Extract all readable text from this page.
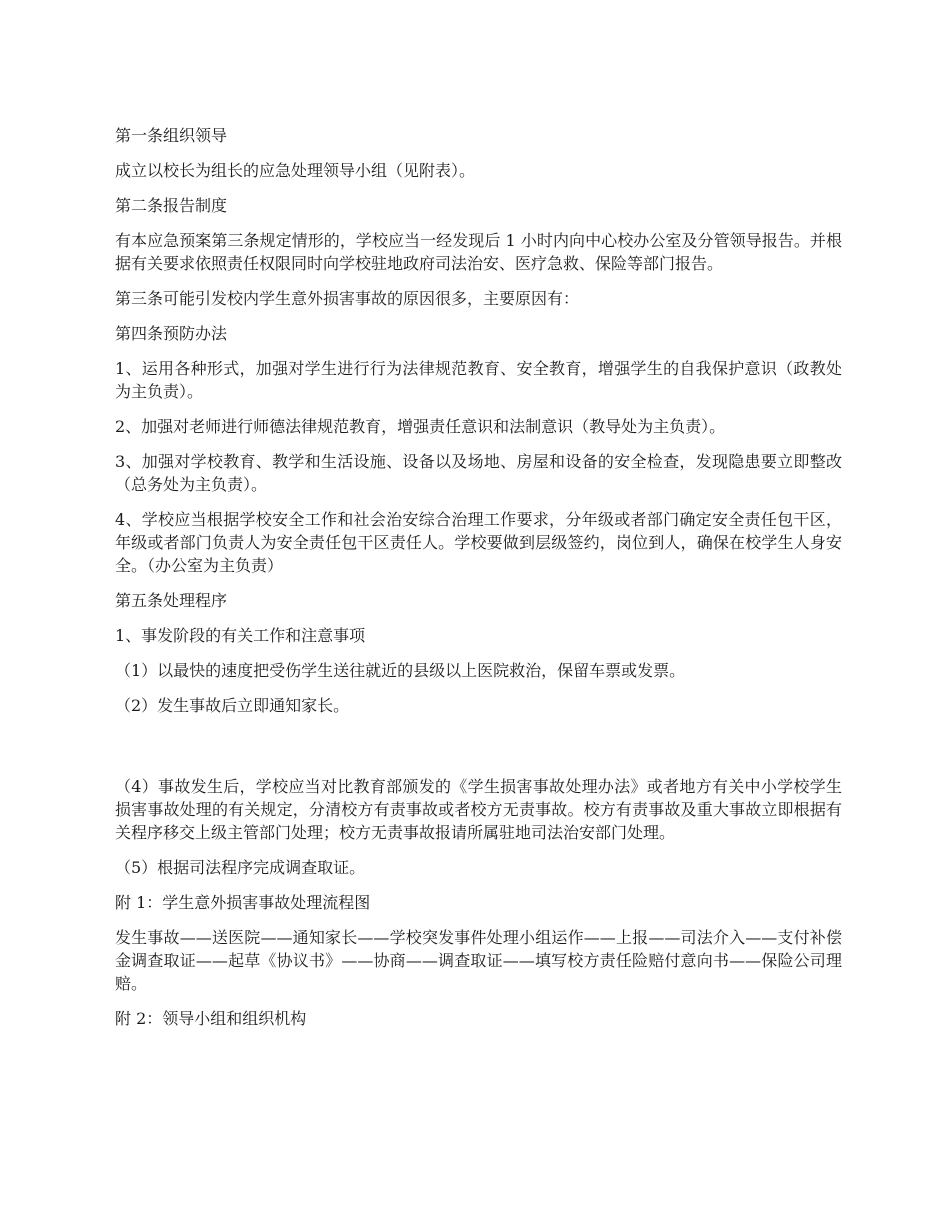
第一条组织领导

成立以校长为组长的应急处理领导小组（见附表）。

第二条报告制度

有本应急预案第三条规定情形的，学校应当一经发现后 1 小时内向中心校办公室及分管领导报告。并根据有关要求依照责任权限同时向学校驻地政府司法治安、医疗急救、保险等部门报告。

第三条可能引发校内学生意外损害事故的原因很多，主要原因有：

第四条预防办法

1、运用各种形式，加强对学生进行行为法律规范教育、安全教育，增强学生的自我保护意识（政教处为主负责）。

2、加强对老师进行师德法律规范教育，增强责任意识和法制意识（教导处为主负责）。

3、加强对学校教育、教学和生活设施、设备以及场地、房屋和设备的安全检查，发现隐患要立即整改（总务处为主负责）。

4、学校应当根据学校安全工作和社会治安综合治理工作要求，分年级或者部门确定安全责任包干区，年级或者部门负责人为安全责任包干区责任人。学校要做到层级签约，岗位到人，确保在校学生人身安全。（办公室为主负责）

第五条处理程序

1、事发阶段的有关工作和注意事项

（1）以最快的速度把受伤学生送往就近的县级以上医院救治，保留车票或发票。

（2）发生事故后立即通知家长。

（4）事故发生后，学校应当对比教育部颁发的《学生损害事故处理办法》或者地方有关中小学校学生损害事故处理的有关规定，分清校方有责事故或者校方无责事故。校方有责事故及重大事故立即根据有关程序移交上级主管部门处理；校方无责事故报请所属驻地司法治安部门处理。

（5）根据司法程序完成调查取证。

附 1：学生意外损害事故处理流程图

发生事故——送医院——通知家长——学校突发事件处理小组运作——上报——司法介入——支付补偿金调查取证——起草《协议书》——协商——调查取证——填写校方责任险赔付意向书——保险公司理赔。

附 2：领导小组和组织机构
